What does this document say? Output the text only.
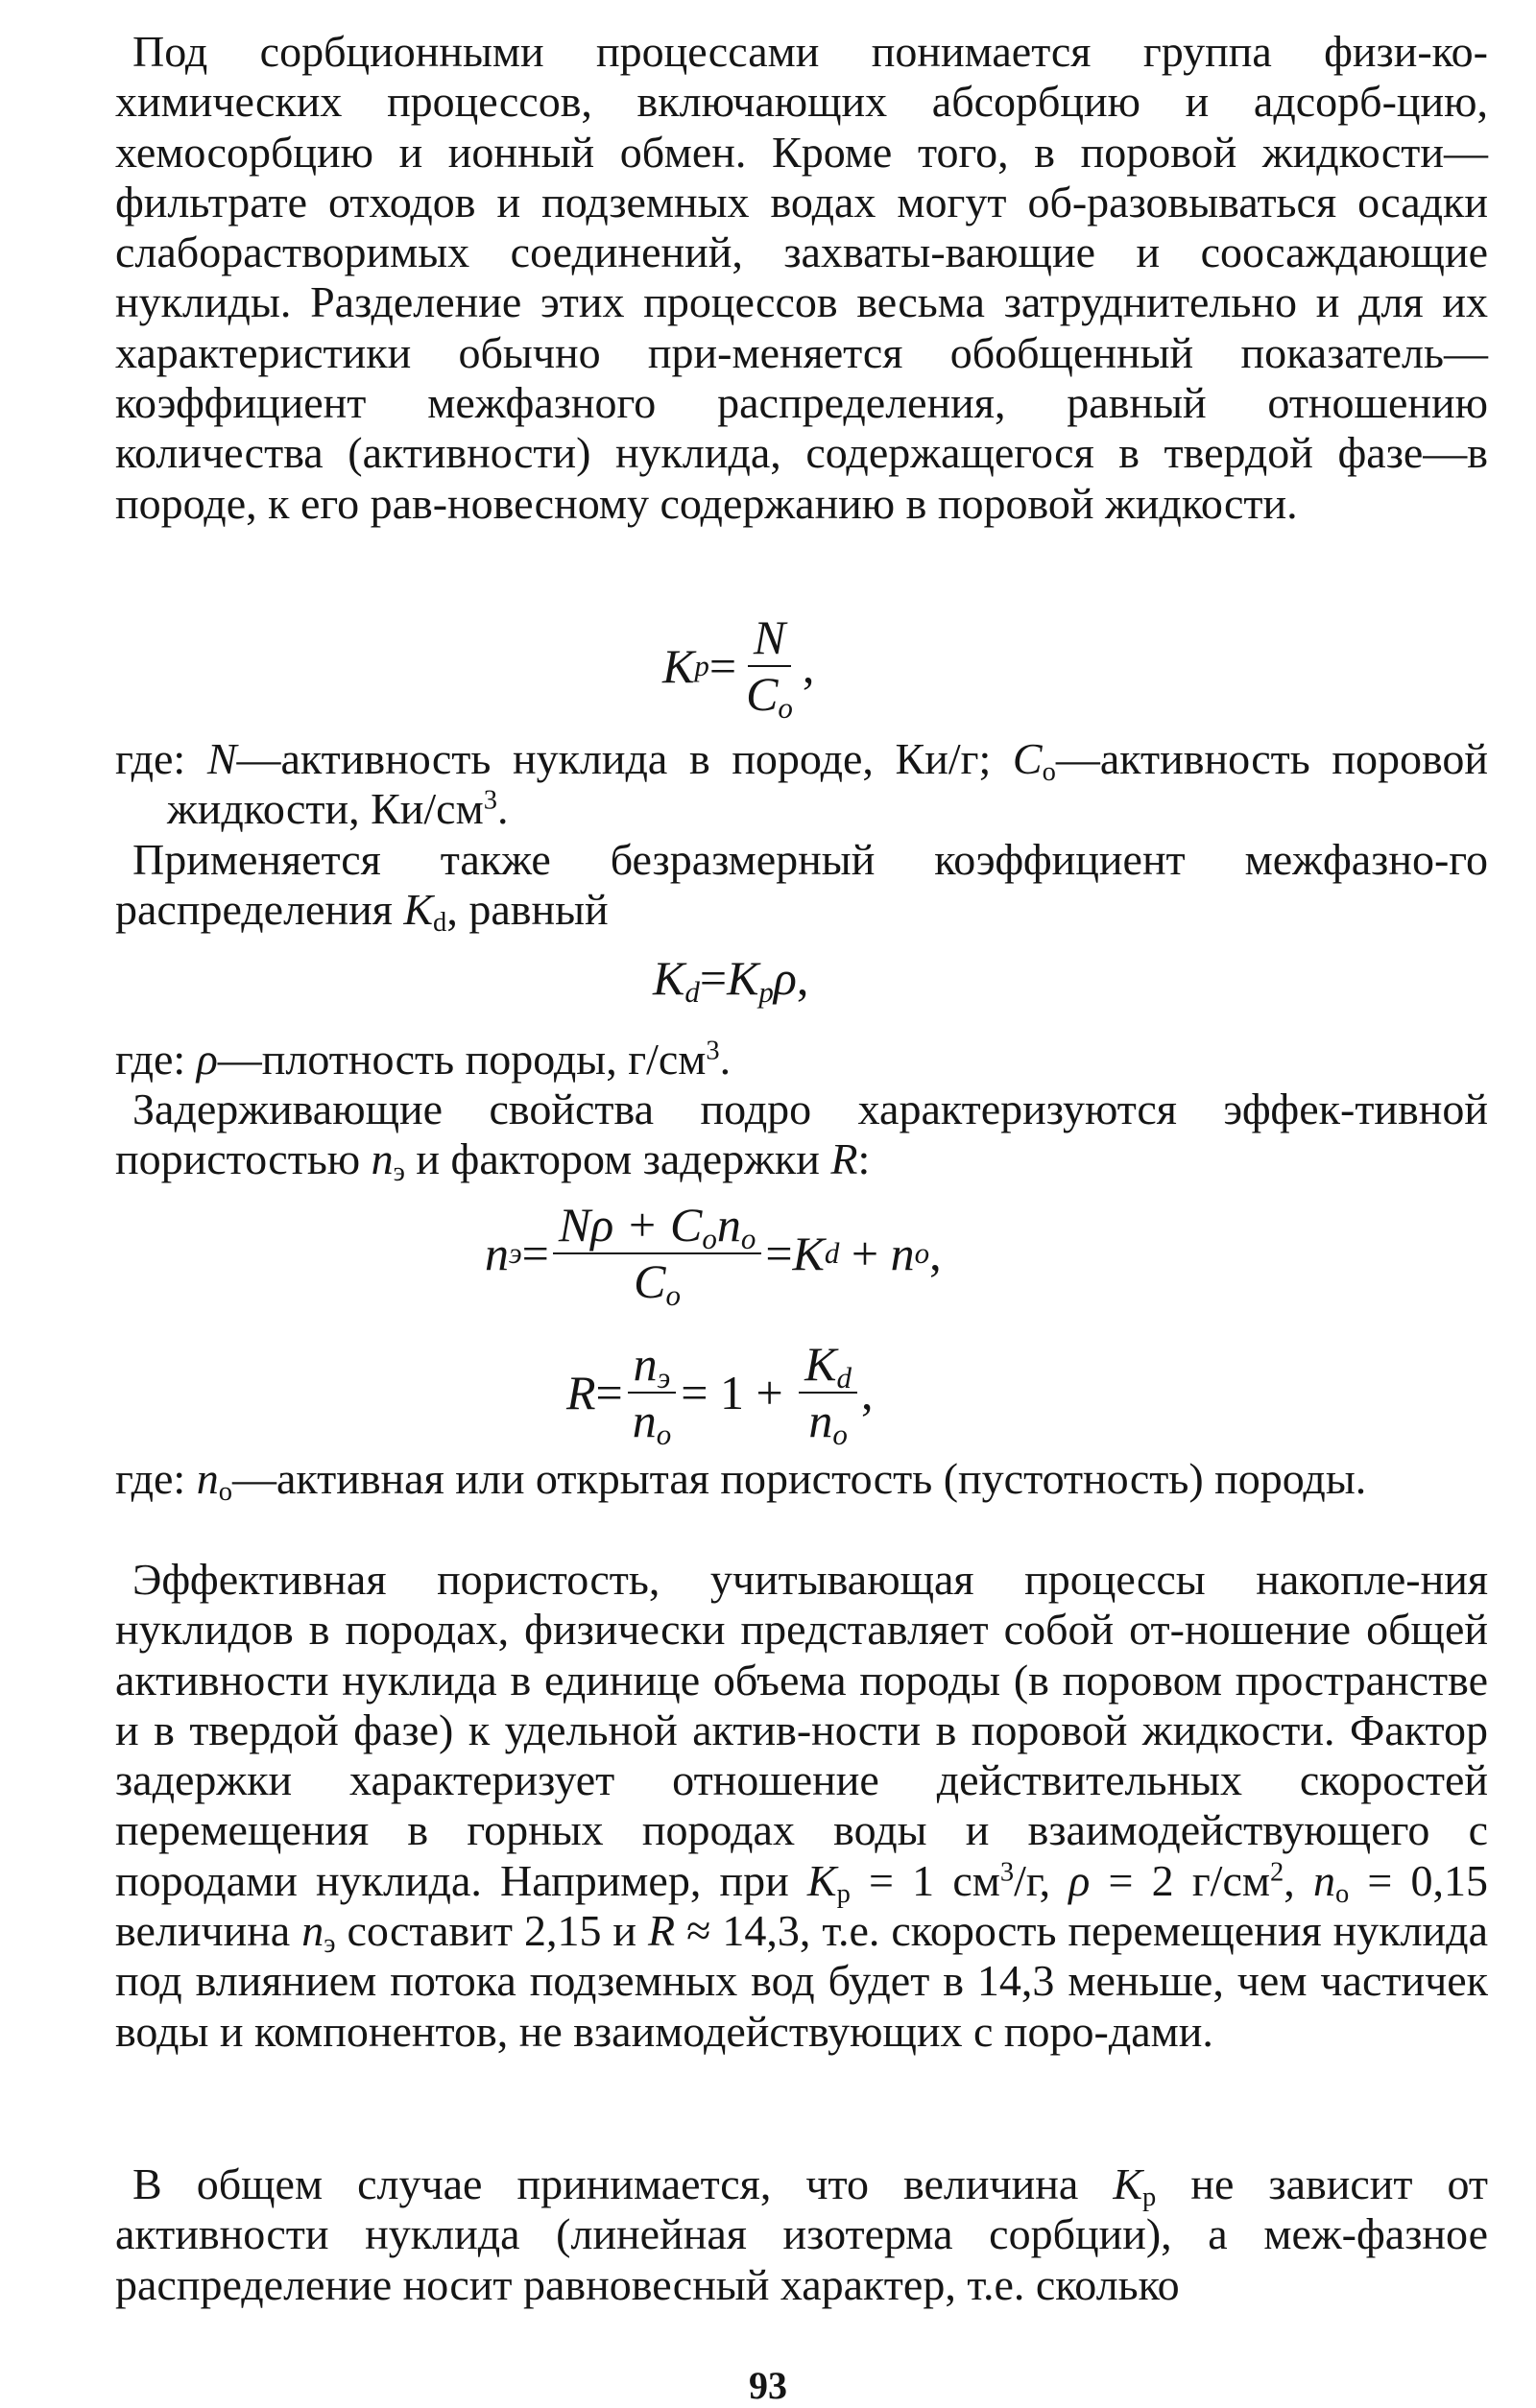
Под сорбционными процессами понимается группа физи-ко-химических процессов, включающих абсорбцию и адсорб-цию, хемосорбцию и ионный обмен. Кроме того, в поровой жидкости—фильтрате отходов и подземных водах могут об-разовываться осадки слаборастворимых соединений, захваты-вающие и соосаждающие нуклиды. Разделение этих процессов весьма затруднительно и для их характеристики обычно при-меняется обобщенный показатель—коэффициент межфазного распределения, равный отношению количества (активности) нуклида, содержащегося в твердой фазе—в породе, к его рав-новесному содержанию в поровой жидкости.

K $p = \frac{N}{C_o}$ ,

где: N—активность нуклида в породе, Ки/г; $C_o—активность$ поровой жидкости, $Ки/см^3$.

Применяется также безразмерный коэффициент межфазно-го распределения $K_d$, равный

$K_d=K_p\rho$,

где: ρ—плотность породы, $г/см^3$.

Задерживающие свойства подро характеризуются эффек-тивной пористостью $n_э$ и фактором задержки R:

n $э = \frac{N\rho + C_on_o}{C_o} = K$ d + n o ,
$R = \frac{n_э}{n_o} = 1 + \frac{K_d}{n_o}$ ,

где: $n_o—активная$ или открытая пористость (пустотность) породы.

Эффективная пористость, учитывающая процессы накопле-ния нуклидов в породах, физически представляет собой от-ношение общей активности нуклида в единице объема породы (в поровом пространстве и в твердой фазе) к удельной актив-ности в поровой жидкости. Фактор задержки характеризует отношение действительных скоростей перемещения в горных породах воды и взаимодействующего с породами нуклида. Например, при $K_p = 1$ $см^3/г$, ρ = 2 $г/см^2$, $n_o = 0,15$ величина $n_э$ составит 2,15 и R ≈ 14,3, т.е. скорость перемещения нуклида под влиянием потока подземных вод будет в 14,3 меньше, чем частичек воды и компонентов, не взаимодействующих с поро-дами.

В общем случае принимается, что величина $K_p$ не зависит от активности нуклида (линейная изотерма сорбции), а меж-фазное распределение носит равновесный характер, т.е. сколько

93
